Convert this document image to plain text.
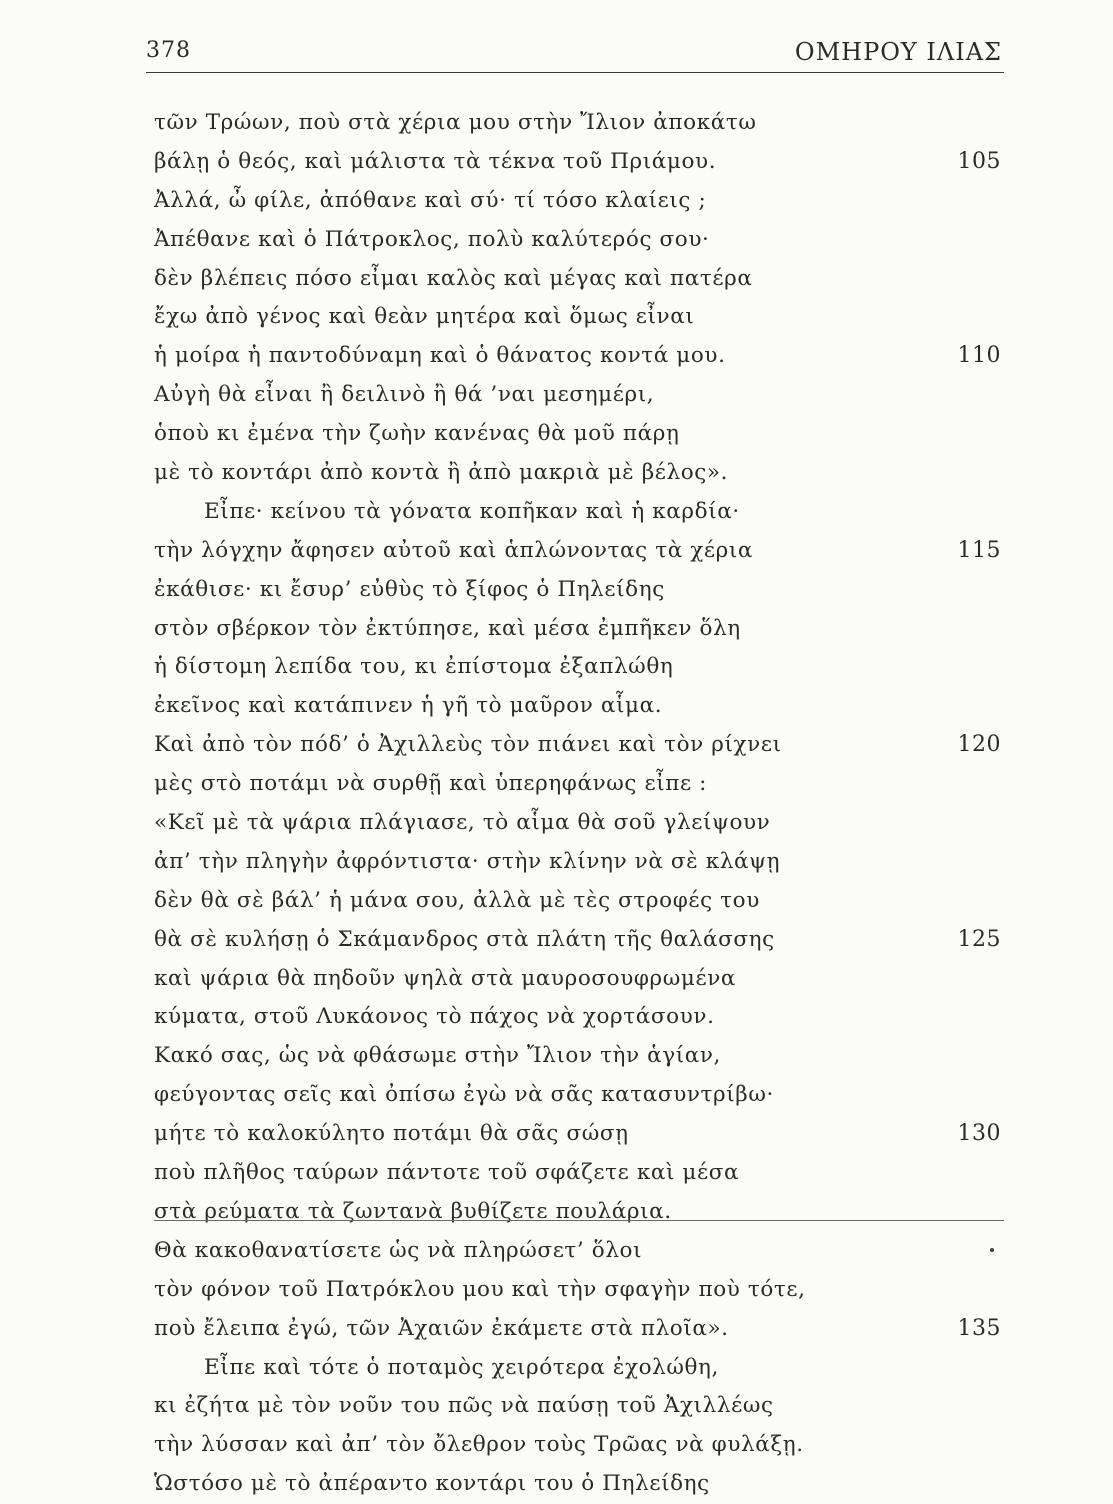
378	ΟΜΗΡΟΥ ΙΛΙΑΣ
τῶν Τρώων, ποὺ στὰ χέρια μου στὴν Ἴλιον ἀποκάτω
βάλῃ ὁ θεός, καὶ μάλιστα τὰ τέκνα τοῦ Πριάμου.	105
Ἀλλά, ὦ φίλε, ἀπόθανε καὶ σύ· τί τόσο κλαίεις ;
Ἀπέθανε καὶ ὁ Πάτροκλος, πολὺ καλύτερός σου·
δὲν βλέπεις πόσο εἶμαι καλὸς καὶ μέγας καὶ πατέρα
ἔχω ἀπὸ γένος καὶ θεὰν μητέρα καὶ ὅμως εἶναι
ἡ μοίρα ἡ παντοδύναμη καὶ ὁ θάνατος κοντά μου.	110
Αὐγὴ θὰ εἶναι ἢ δειλινὸ ἢ θά ’ναι μεσημέρι,
ὁποὺ κι ἐμένα τὴν ζωὴν κανένας θὰ μοῦ πάρῃ
μὲ τὸ κοντάρι ἀπὸ κοντὰ ἢ ἀπὸ μακριὰ μὲ βέλος».
Εἶπε· κείνου τὰ γόνατα κοπῆκαν καὶ ἡ καρδία·
τὴν λόγχην ἄφησεν αὐτοῦ καὶ ἁπλώνοντας τὰ χέρια	115
ἐκάθισε· κι ἔσυρ’ εὐθὺς τὸ ξίφος ὁ Πηλείδης
στὸν σβέρκον τὸν ἐκτύπησε, καὶ μέσα ἐμπῆκεν ὅλη
ἡ δίστομη λεπίδα του, κι ἐπίστομα ἐξαπλώθη
ἐκεῖνος καὶ κατάπινεν ἡ γῆ τὸ μαῦρον αἷμα.
Καὶ ἀπὸ τὸν πόδ’ ὁ Ἀχιλλεὺς τὸν πιάνει καὶ τὸν ρίχνει	120
μὲς στὸ ποτάμι νὰ συρθῇ καὶ ὑπερηφάνως εἶπε :
«Κεῖ μὲ τὰ ψάρια πλάγιασε, τὸ αἷμα θὰ σοῦ γλείψουν
ἀπ’ τὴν πληγὴν ἀφρόντιστα· στὴν κλίνην νὰ σὲ κλάψῃ
δὲν θὰ σὲ βάλ’ ἡ μάνα σου, ἀλλὰ μὲ τὲς στροφές του
θὰ σὲ κυλήσῃ ὁ Σκάμανδρος στὰ πλάτη τῆς θαλάσσης	125
καὶ ψάρια θὰ πηδοῦν ψηλὰ στὰ μαυροσουφρωμένα
κύματα, στοῦ Λυκάονος τὸ πάχος νὰ χορτάσουν.
Κακό σας, ὡς νὰ φθάσωμε στὴν Ἴλιον τὴν ἁγίαν,
φεύγοντας σεῖς καὶ ὀπίσω ἐγὼ νὰ σᾶς κατασυντρίβω·
μήτε τὸ καλοκύλητο ποτάμι θὰ σᾶς σώσῃ	130
ποὺ πλῆθος ταύρων πάντοτε τοῦ σφάζετε καὶ μέσα
στὰ ρεύματα τὰ ζωντανὰ βυθίζετε πουλάρια.
Θὰ κακοθανατίσετε ὡς νὰ πληρώσετ’ ὅλοι
τὸν φόνον τοῦ Πατρόκλου μου καὶ τὴν σφαγὴν ποὺ τότε,
ποὺ ἔλειπα ἐγώ, τῶν Ἀχαιῶν ἐκάμετε στὰ πλοῖα».	135
Εἶπε καὶ τότε ὁ ποταμὸς χειρότερα ἐχολώθη,
κι ἐζήτα μὲ τὸν νοῦν του πῶς νὰ παύσῃ τοῦ Ἀχιλλέως
τὴν λύσσαν καὶ ἀπ’ τὸν ὄλεθρον τοὺς Τρῶας νὰ φυλάξῃ.
Ὡστόσο μὲ τὸ ἀπέραντο κοντάρι του ὁ Πηλείδης
